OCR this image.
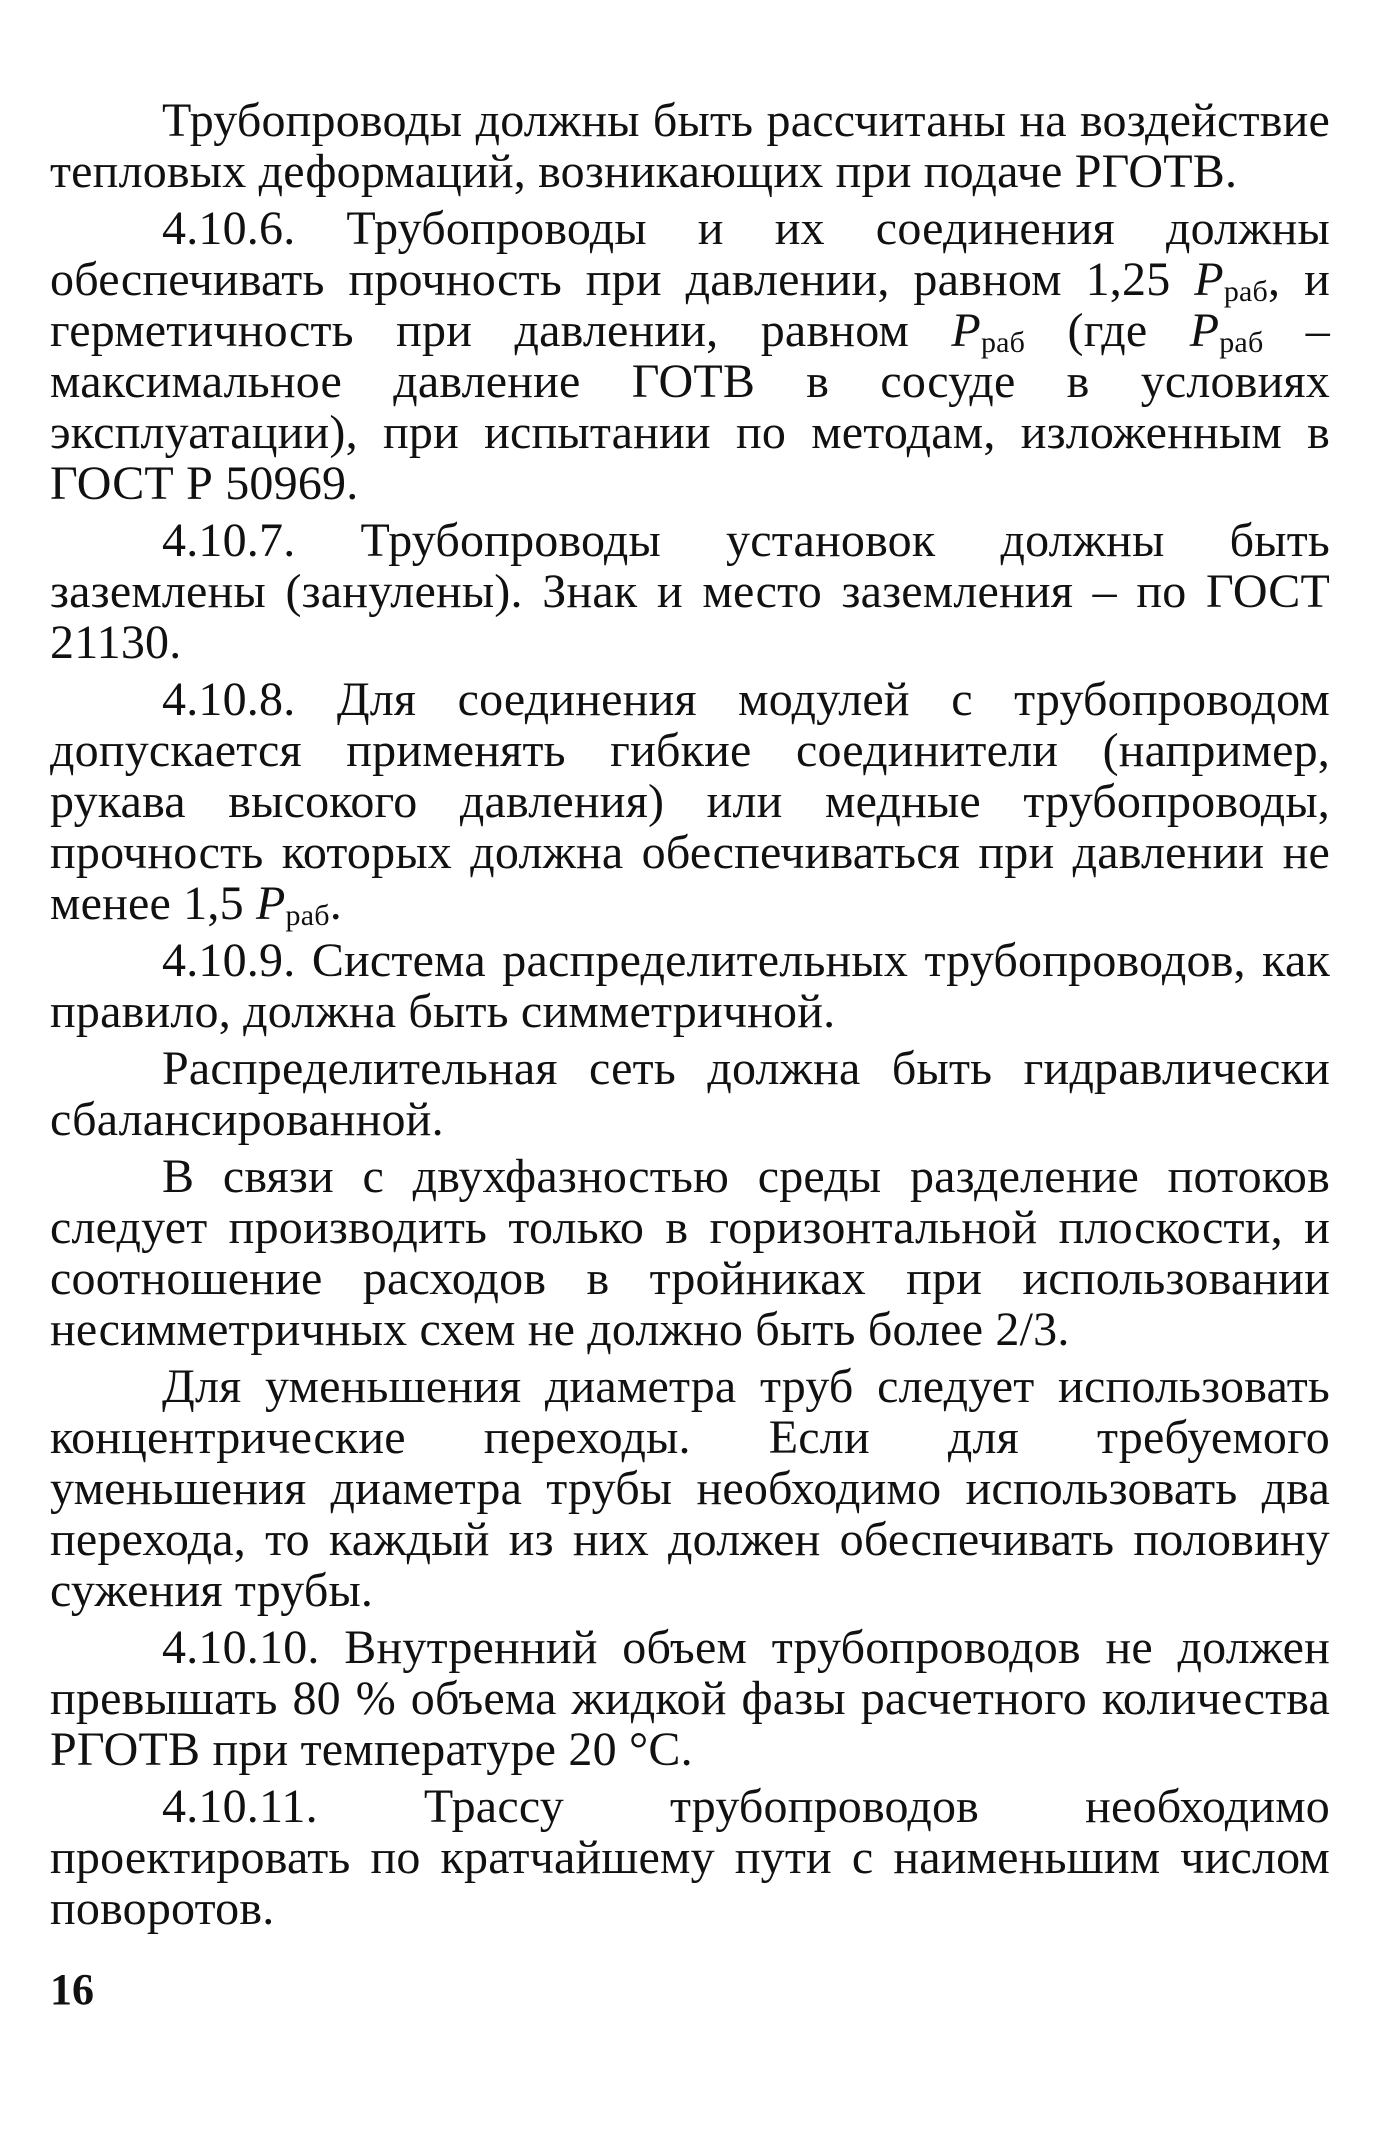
Трубопроводы должны быть рассчитаны на воздействие тепловых деформаций, возникающих при подаче РГОТВ.

4.10.6. Трубопроводы и их соединения должны обеспечивать прочность при давлении, равном 1,25 $P_{раб}$, и герметичность при давлении, равном $P_{раб}$ (где $P_{раб}$ – максимальное давление ГОТВ в сосуде в условиях эксплуатации), при испытании по методам, изложенным в ГОСТ Р 50969.

4.10.7. Трубопроводы установок должны быть заземлены (занулены). Знак и место заземления – по ГОСТ 21130.

4.10.8. Для соединения модулей с трубопроводом допускается применять гибкие соединители (например, рукава высокого давления) или медные трубопроводы, прочность которых должна обеспечиваться при давлении не менее 1,5 $P_{раб}$.

4.10.9. Система распределительных трубопроводов, как правило, должна быть симметричной.

Распределительная сеть должна быть гидравлически сбалансированной.

В связи с двухфазностью среды разделение потоков следует производить только в горизонтальной плоскости, и соотношение расходов в тройниках при использовании несимметричных схем не должно быть более 2/3.

Для уменьшения диаметра труб следует использовать концентрические переходы. Если для требуемого уменьшения диаметра трубы необходимо использовать два перехода, то каждый из них должен обеспечивать половину сужения трубы.

4.10.10. Внутренний объем трубопроводов не должен превышать 80 % объема жидкой фазы расчетного количества РГОТВ при температуре 20 °С.

4.10.11. Трассу трубопроводов необходимо проектировать по кратчайшему пути с наименьшим числом поворотов.

16
